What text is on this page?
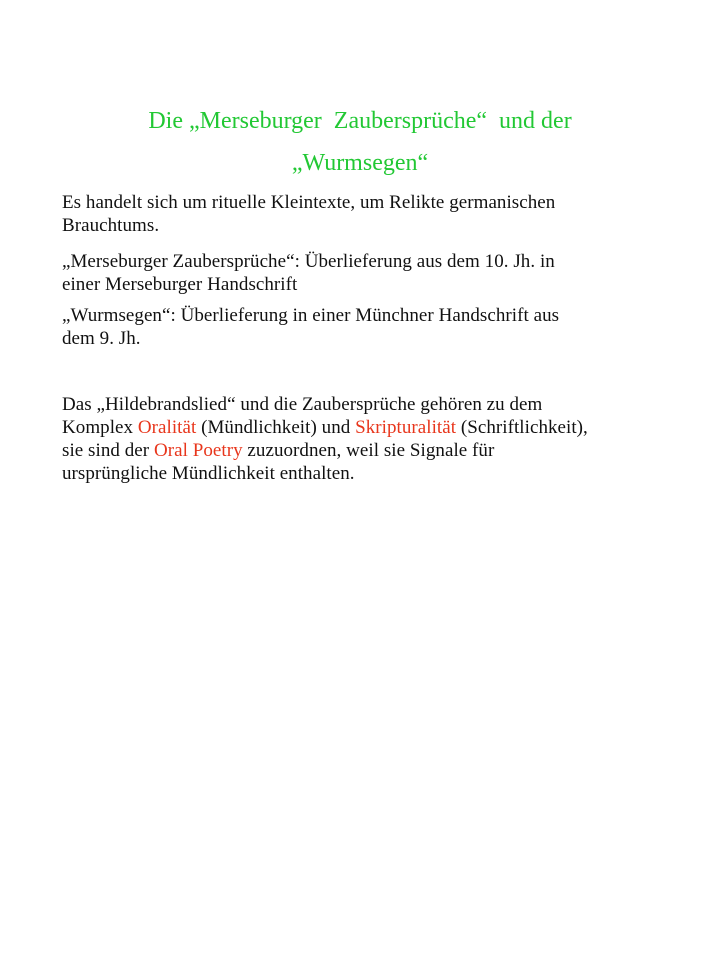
Die „Merseburger  Zaubersprüche“  und der
„Wurmsegen“
Es handelt sich um rituelle Kleintexte, um Relikte germanischen
Brauchtums.
„Merseburger Zaubersprüche“: Überlieferung aus dem 10. Jh. in
einer Merseburger Handschrift
„Wurmsegen“: Überlieferung in einer Münchner Handschrift aus
dem 9. Jh.
Das „Hildebrandslied“ und die Zaubersprüche gehören zu dem
Komplex Oralität (Mündlichkeit) und Skripturalität (Schriftlichkeit),
sie sind der Oral Poetry zuzuordnen, weil sie Signale für
ursprüngliche Mündlichkeit enthalten.
